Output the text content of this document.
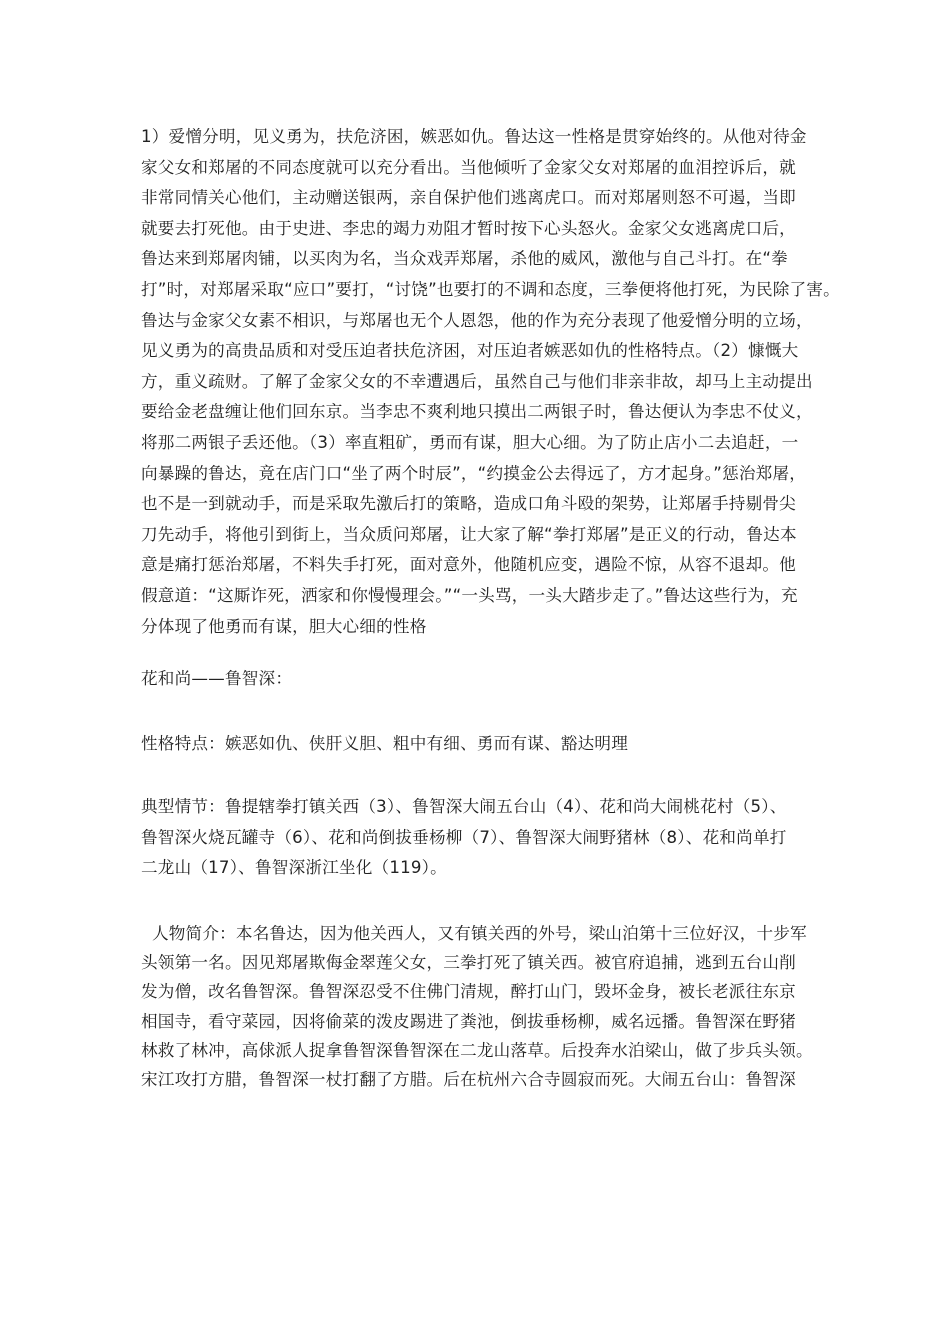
1）爱憎分明，见义勇为，扶危济困，嫉恶如仇。鲁达这一性格是贯穿始终的。从他对待金
家父女和郑屠的不同态度就可以充分看出。当他倾听了金家父女对郑屠的血泪控诉后，就
非常同情关心他们，主动赠送银两，亲自保护他们逃离虎口。而对郑屠则怒不可遏，当即
就要去打死他。由于史进、李忠的竭力劝阻才暂时按下心头怒火。金家父女逃离虎口后，
鲁达来到郑屠肉铺，以买肉为名，当众戏弄郑屠，杀他的威风，激他与自己斗打。在“拳
打”时，对郑屠采取“应口”要打，“讨饶”也要打的不调和态度，三拳便将他打死，为民除了害。
鲁达与金家父女素不相识，与郑屠也无个人恩怨，他的作为充分表现了他爱憎分明的立场，
见义勇为的高贵品质和对受压迫者扶危济困，对压迫者嫉恶如仇的性格特点。（2）慷慨大
方，重义疏财。了解了金家父女的不幸遭遇后，虽然自己与他们非亲非故，却马上主动提出
要给金老盘缠让他们回东京。当李忠不爽利地只摸出二两银子时，鲁达便认为李忠不仗义，
将那二两银子丢还他。（3）率直粗矿，勇而有谋，胆大心细。为了防止店小二去追赶，一
向暴躁的鲁达，竟在店门口“坐了两个时辰”，“约摸金公去得远了，方才起身。”惩治郑屠，
也不是一到就动手，而是采取先激后打的策略，造成口角斗殴的架势，让郑屠手持剔骨尖
刀先动手，将他引到街上，当众质问郑屠，让大家了解“拳打郑屠”是正义的行动，鲁达本
意是痛打惩治郑屠，不料失手打死，面对意外，他随机应变，遇险不惊，从容不退却。他
假意道：“这厮诈死，洒家和你慢慢理会。”“一头骂，一头大踏步走了。”鲁达这些行为，充
分体现了他勇而有谋，胆大心细的性格
花和尚——鲁智深：
性格特点：嫉恶如仇、侠肝义胆、粗中有细、勇而有谋、豁达明理
典型情节：鲁提辖拳打镇关西（3）、鲁智深大闹五台山（4）、花和尚大闹桃花村（5）、
鲁智深火烧瓦罐寺（6）、花和尚倒拔垂杨柳（7）、鲁智深大闹野猪林（8）、花和尚单打
二龙山（17）、鲁智深浙江坐化（119）。
人物简介：本名鲁达，因为他关西人，又有镇关西的外号，梁山泊第十三位好汉，十步军
头领第一名。因见郑屠欺侮金翠莲父女，三拳打死了镇关西。被官府追捕，逃到五台山削
发为僧，改名鲁智深。鲁智深忍受不住佛门清规，醉打山门，毁坏金身，被长老派往东京
相国寺，看守菜园，因将偷菜的泼皮踢进了粪池，倒拔垂杨柳，威名远播。鲁智深在野猪
林救了林冲，高俅派人捉拿鲁智深鲁智深在二龙山落草。后投奔水泊梁山，做了步兵头领。
宋江攻打方腊，鲁智深一杖打翻了方腊。后在杭州六合寺圆寂而死。大闹五台山：鲁智深
